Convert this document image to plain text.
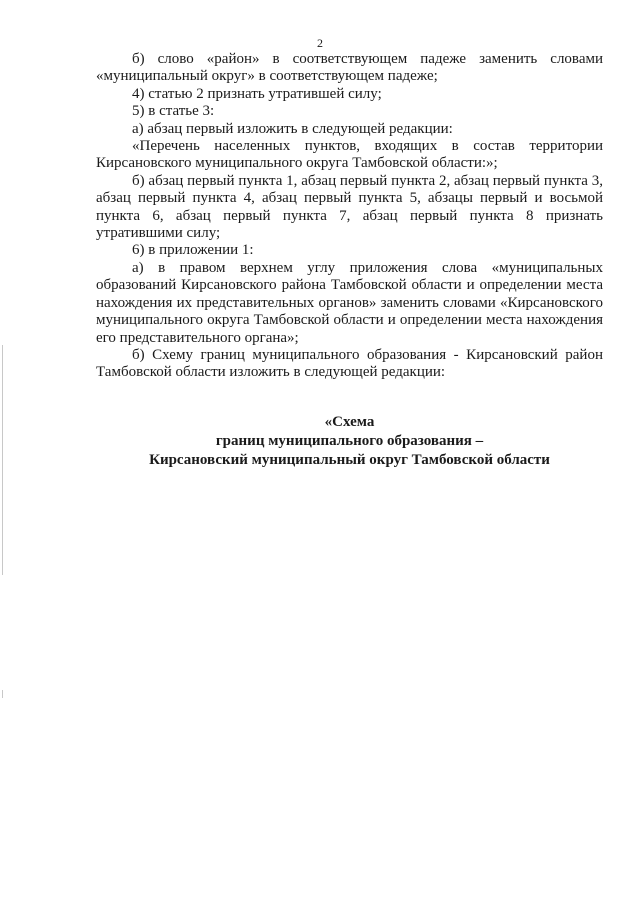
2

б) слово «район» в соответствующем падеже заменить словами «муниципальный округ» в соответствующем падеже;

4) статью 2 признать утратившей силу;

5) в статье 3:

а) абзац первый изложить в следующей редакции:

«Перечень населенных пунктов, входящих в состав территории Кирсановского муниципального округа Тамбовской области:»;

б) абзац первый пункта 1, абзац первый пункта 2, абзац первый пункта 3, абзац первый пункта 4, абзац первый пункта 5, абзацы первый и восьмой пункта 6, абзац первый пункта 7, абзац первый пункта 8 признать утратившими силу;

6) в приложении 1:

а) в правом верхнем углу приложения слова «муниципальных образований Кирсановского района Тамбовской области и определении места нахождения их представительных органов» заменить словами «Кирсановского муниципального округа Тамбовской области и определении места нахождения его представительного органа»;

б) Схему границ муниципального образования - Кирсановский район Тамбовской области изложить в следующей редакции:

«Схема
границ муниципального образования –
Кирсановский муниципальный округ Тамбовской области
